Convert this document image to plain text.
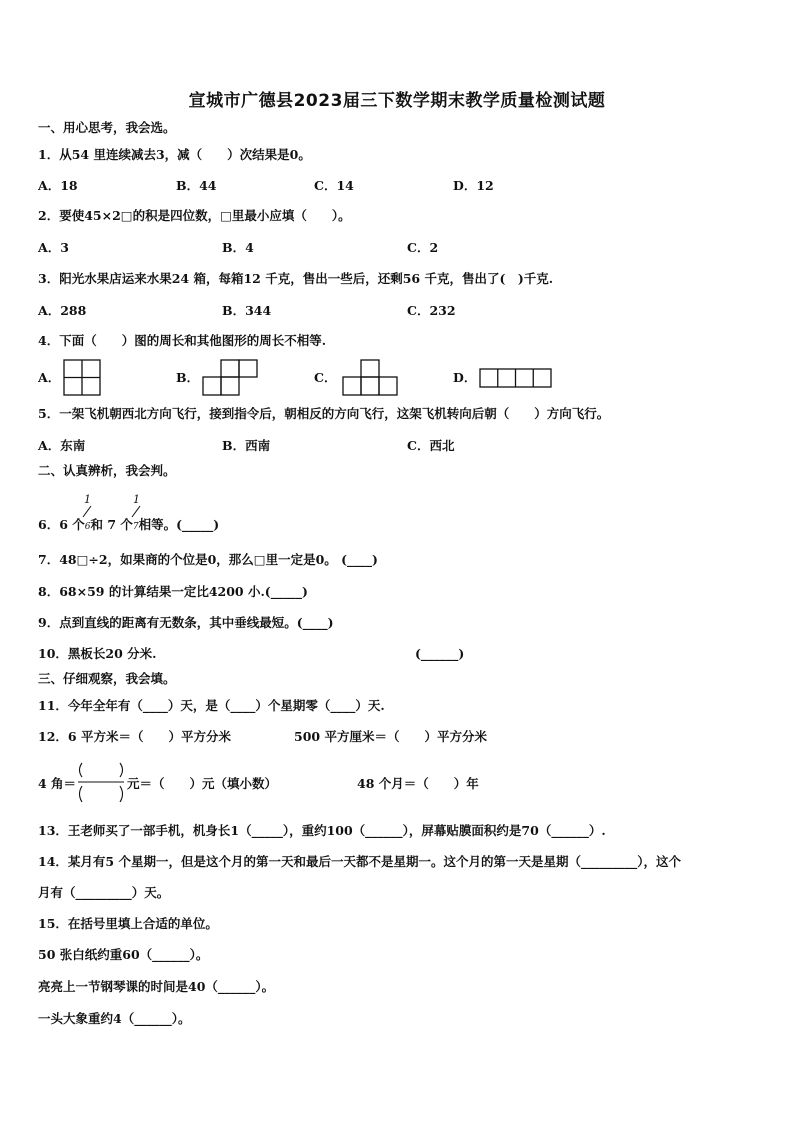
宣城市广德县2023届三下数学期末教学质量检测试题
一、用心思考，我会选。
1．从54 里连续减去3，减（　　）次结果是0。
A．18	B．44	C．14	D．12
2．要使45×2□的积是四位数，□里最小应填（　　）。
A．3	B．4	C．2
3．阳光水果店运来水果24 箱，每箱12 千克，售出一些后，还剩56 千克，售出了(　)千克.
A．288	B．344	C．232
4．下面（　　）图的周长和其他图形的周长不相等.
A．	B．	C．	D．
5．一架飞机朝西北方向飞行，接到指令后，朝相反的方向飞行，这架飞机转向后朝（　　）方向飞行。
A．东南	B．西南	C．西北
二、认真辨析，我会判。
1	1
6．6 个6和 7 个7相等。(_____)
7．48□÷2，如果商的个位是0，那么□里一定是0。 (____)
8．68×59 的计算结果一定比4200 小.(_____)
9．点到直线的距离有无数条，其中垂线最短。(____)
10．黑板长20 分米.	(______)
三、仔细观察，我会填。
11．今年全年有（____）天，是（____）个星期零（____）天.
12．6 平方米＝（　　）平方分米	500 平方厘米＝（　　）平方分米
4 角＝	元＝（　　）元（填小数）	48 个月＝（　　）年
13．王老师买了一部手机，机身长1（_____），重约100（______），屏幕贴膜面积约是70（______）.
14．某月有5 个星期一，但是这个月的第一天和最后一天都不是星期一。这个月的第一天是星期（_________），这个
月有（_________）天。
15．在括号里填上合适的单位。
50 张白纸约重60（______）。
亮亮上一节钢琴课的时间是40（______）。
一头大象重约4（______）。
